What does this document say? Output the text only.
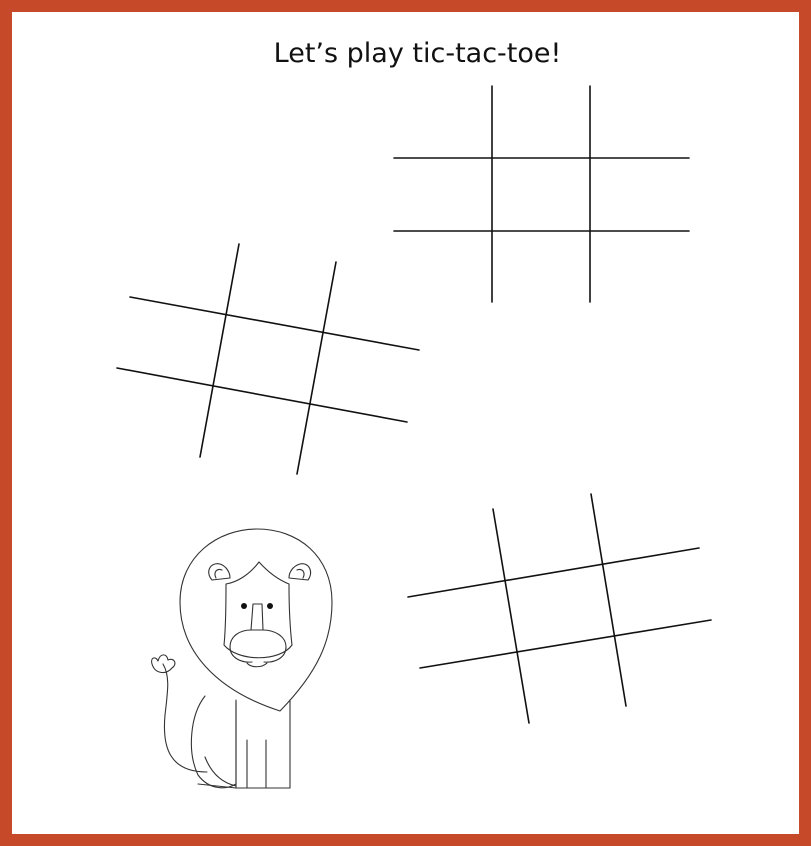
Let’s play tic-tac-toe!
